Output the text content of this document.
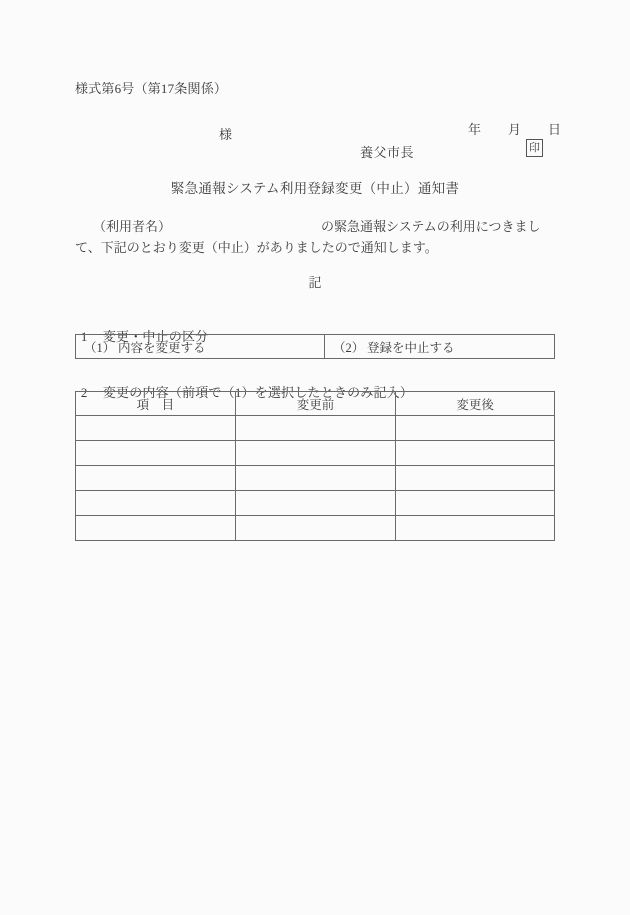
様式第6号（第17条関係）

年 月 日

様
養父市長	印
緊急通報システム利用登録変更（中止）通知書
（利用者名）	の緊急通報システムの利用につきまして、下記のとおり変更（中止）がありましたので通知します。
記

1 変更・中止の区分

（1） 内容を変更する	（2） 登録を中止する

2 変更の内容（前項で（1）を選択したときのみ記入）

項　目	変更前	変更後
